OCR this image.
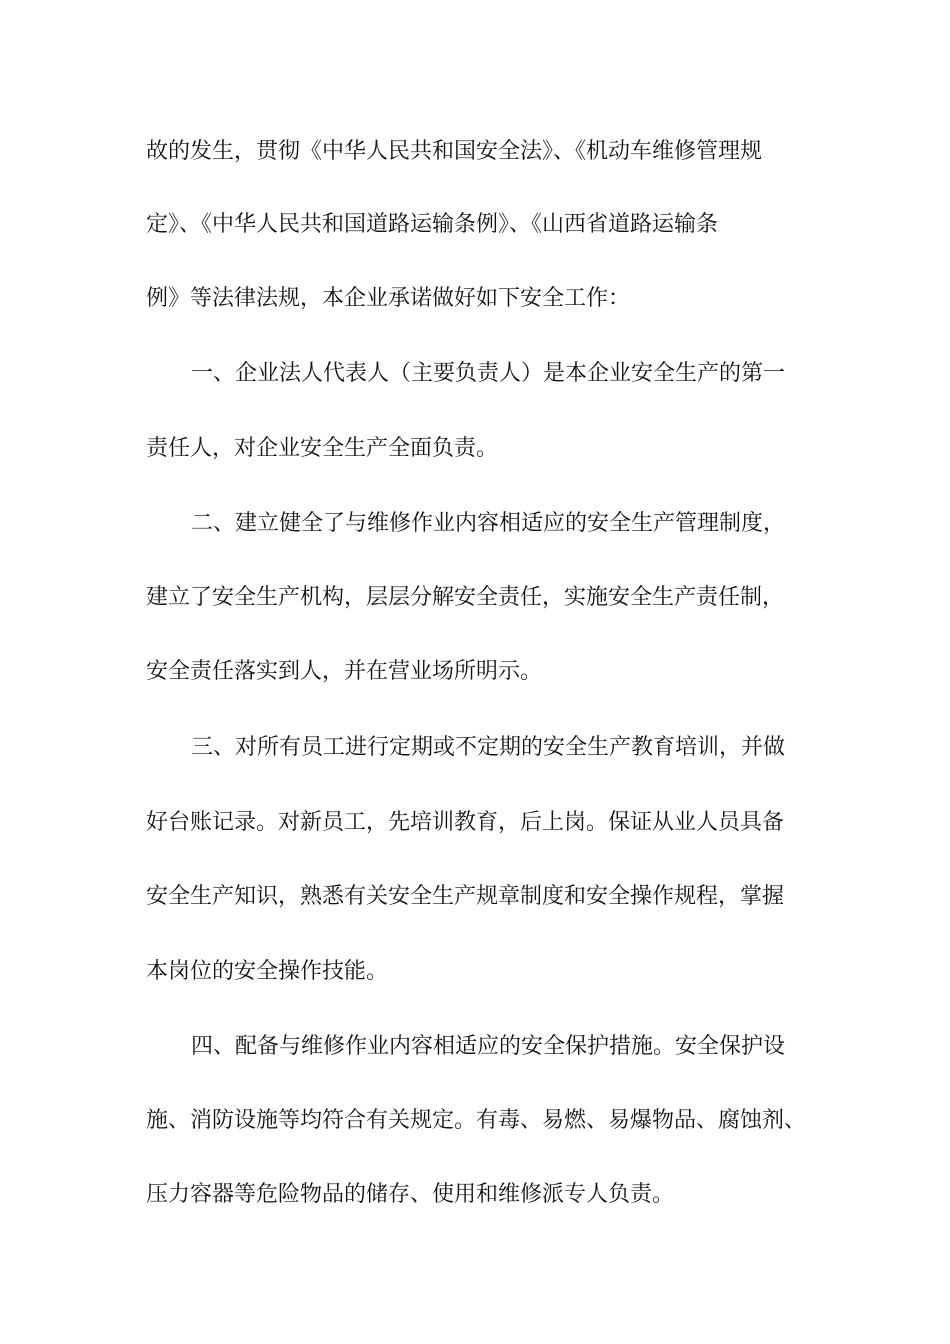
故的发生，贯彻《中华人民共和国安全法》、《机动车维修管理规
定》、《中华人民共和国道路运输条例》、《山西省道路运输条
例》等法律法规，本企业承诺做好如下安全工作：
一、企业法人代表人（主要负责人）是本企业安全生产的第一
责任人，对企业安全生产全面负责。
二、建立健全了与维修作业内容相适应的安全生产管理制度，
建立了安全生产机构，层层分解安全责任，实施安全生产责任制，
安全责任落实到人，并在营业场所明示。
三、对所有员工进行定期或不定期的安全生产教育培训，并做
好台账记录。对新员工，先培训教育，后上岗。保证从业人员具备
安全生产知识，熟悉有关安全生产规章制度和安全操作规程，掌握
本岗位的安全操作技能。
四、配备与维修作业内容相适应的安全保护措施。安全保护设
施、消防设施等均符合有关规定。有毒、易燃、易爆物品、腐蚀剂、
压力容器等危险物品的储存、使用和维修派专人负责。
